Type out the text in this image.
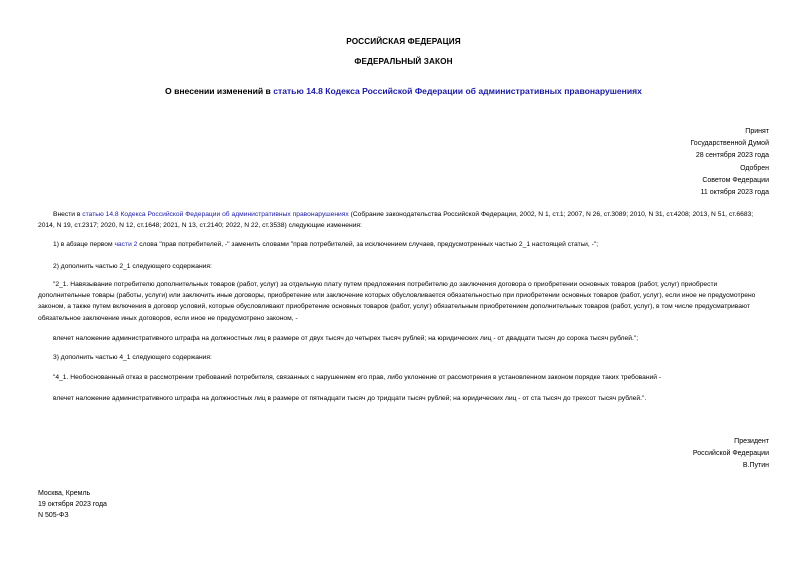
РОССИЙСКАЯ ФЕДЕРАЦИЯ
ФЕДЕРАЛЬНЫЙ ЗАКОН
О внесении изменений в статью 14.8 Кодекса Российской Федерации об административных правонарушениях
Принят
Государственной Думой
28 сентября 2023 года
Одобрен
Советом Федерации
11 октября 2023 года

Внести в статью 14.8 Кодекса Российской Федерации об административных правонарушениях (Собрание законодательства Российской Федерации, 2002, N 1, ст.1; 2007, N 26, ст.3089; 2010, N 31, ст.4208; 2013, N 51, ст.6683; 2014, N 19, ст.2317; 2020, N 12, ст.1648; 2021, N 13, ст.2140; 2022, N 22, ст.3538) следующие изменения:

1) в абзаце первом части 2 слова "прав потребителей, -" заменить словами "прав потребителей, за исключением случаев, предусмотренных частью 2_1 настоящей статьи, -";

2) дополнить частью 2_1 следующего содержания:

"2_1. Навязывание потребителю дополнительных товаров (работ, услуг) за отдельную плату путем предложения потребителю до заключения договора о приобретении основных товаров (работ, услуг) приобрести дополнительные товары (работы, услуги) или заключить иные договоры, приобретение или заключение которых обусловливается обязательностью при приобретении основных товаров (работ, услуг), если иное не предусмотрено законом, а также путем включения в договор условий, которые обусловливают приобретение основных товаров (работ, услуг) обязательным приобретением дополнительных товаров (работ, услуг), в том числе предусматривают обязательное заключение иных договоров, если иное не предусмотрено законом, -

влечет наложение административного штрафа на должностных лиц в размере от двух тысяч до четырех тысяч рублей; на юридических лиц - от двадцати тысяч до сорока тысяч рублей.";

3) дополнить частью 4_1 следующего содержания:

"4_1. Необоснованный отказ в рассмотрении требований потребителя, связанных с нарушением его прав, либо уклонение от рассмотрения в установленном законом порядке таких требований -

влечет наложение административного штрафа на должностных лиц в размере от пятнадцати тысяч до тридцати тысяч рублей; на юридических лиц - от ста тысяч до трехсот тысяч рублей.".

Президент
Российской Федерации
В.Путин
Москва, Кремль
19 октября 2023 года
N 505-ФЗ
